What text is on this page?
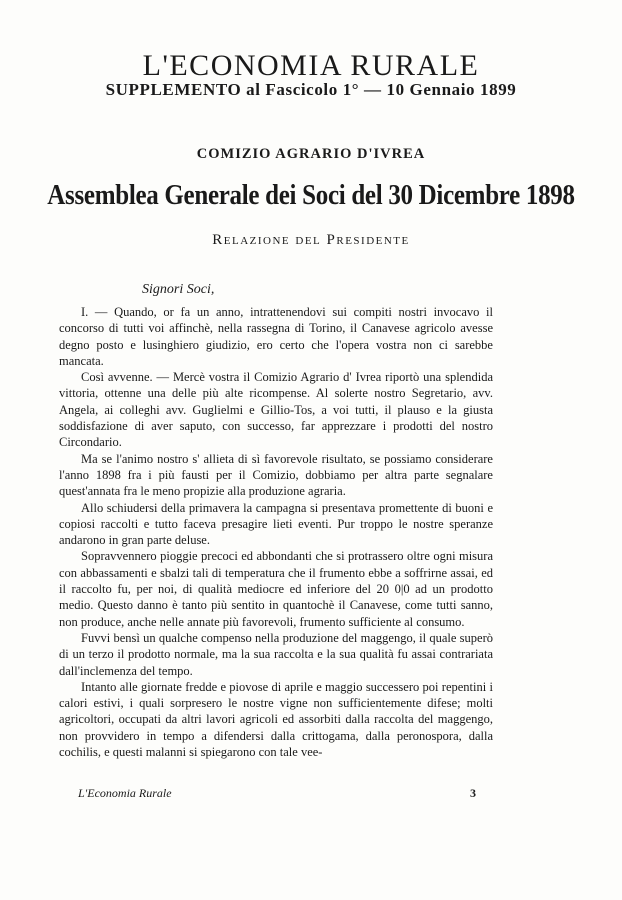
L'ECONOMIA RURALE
SUPPLEMENTO al Fascicolo 1° — 10 Gennaio 1899
COMIZIO AGRARIO D'IVREA
Assemblea Generale dei Soci del 30 Dicembre 1898
Relazione del Presidente
Signori Soci,

I. — Quando, or fa un anno, intrattenendovi sui compiti nostri invocavo il concorso di tutti voi affinchè, nella rassegna di Torino, il Canavese agricolo avesse degno posto e lusinghiero giudizio, ero certo che l'opera vostra non ci sarebbe mancata.

Così avvenne. — Mercè vostra il Comizio Agrario d' Ivrea riportò una splendida vittoria, ottenne una delle più alte ricompense. Al solerte nostro Segretario, avv. Angela, ai colleghi avv. Guglielmi e Gillio-Tos, a voi tutti, il plauso e la giusta soddisfazione di aver saputo, con successo, far apprezzare i prodotti del nostro Circondario.

Ma se l'animo nostro s' allieta di sì favorevole risultato, se possiamo considerare l'anno 1898 fra i più fausti per il Comizio, dobbiamo per altra parte segnalare quest'annata fra le meno propizie alla produzione agraria.

Allo schiudersi della primavera la campagna si presentava promettente di buoni e copiosi raccolti e tutto faceva presagire lieti eventi. Pur troppo le nostre speranze andarono in gran parte deluse.

Sopravvennero pioggie precoci ed abbondanti che si protrassero oltre ogni misura con abbassamenti e sbalzi tali di temperatura che il frumento ebbe a soffrirne assai, ed il raccolto fu, per noi, di qualità mediocre ed inferiore del 20 0|0 ad un prodotto medio. Questo danno è tanto più sentito in quantochè il Canavese, come tutti sanno, non produce, anche nelle annate più favorevoli, frumento sufficiente al consumo.

Fuvvi bensì un qualche compenso nella produzione del maggengo, il quale superò di un terzo il prodotto normale, ma la sua raccolta e la sua qualità fu assai contrariata dall'inclemenza del tempo.

Intanto alle giornate fredde e piovose di aprile e maggio successero poi repentini i calori estivi, i quali sorpresero le nostre vigne non sufficientemente difese; molti agricoltori, occupati da altri lavori agricoli ed assorbiti dalla raccolta del maggengo, non provvidero in tempo a difendersi dalla crittogama, dalla peronospora, dalla cochilis, e questi malanni si spiegarono con tale vee-

L'Economia Rurale	3
